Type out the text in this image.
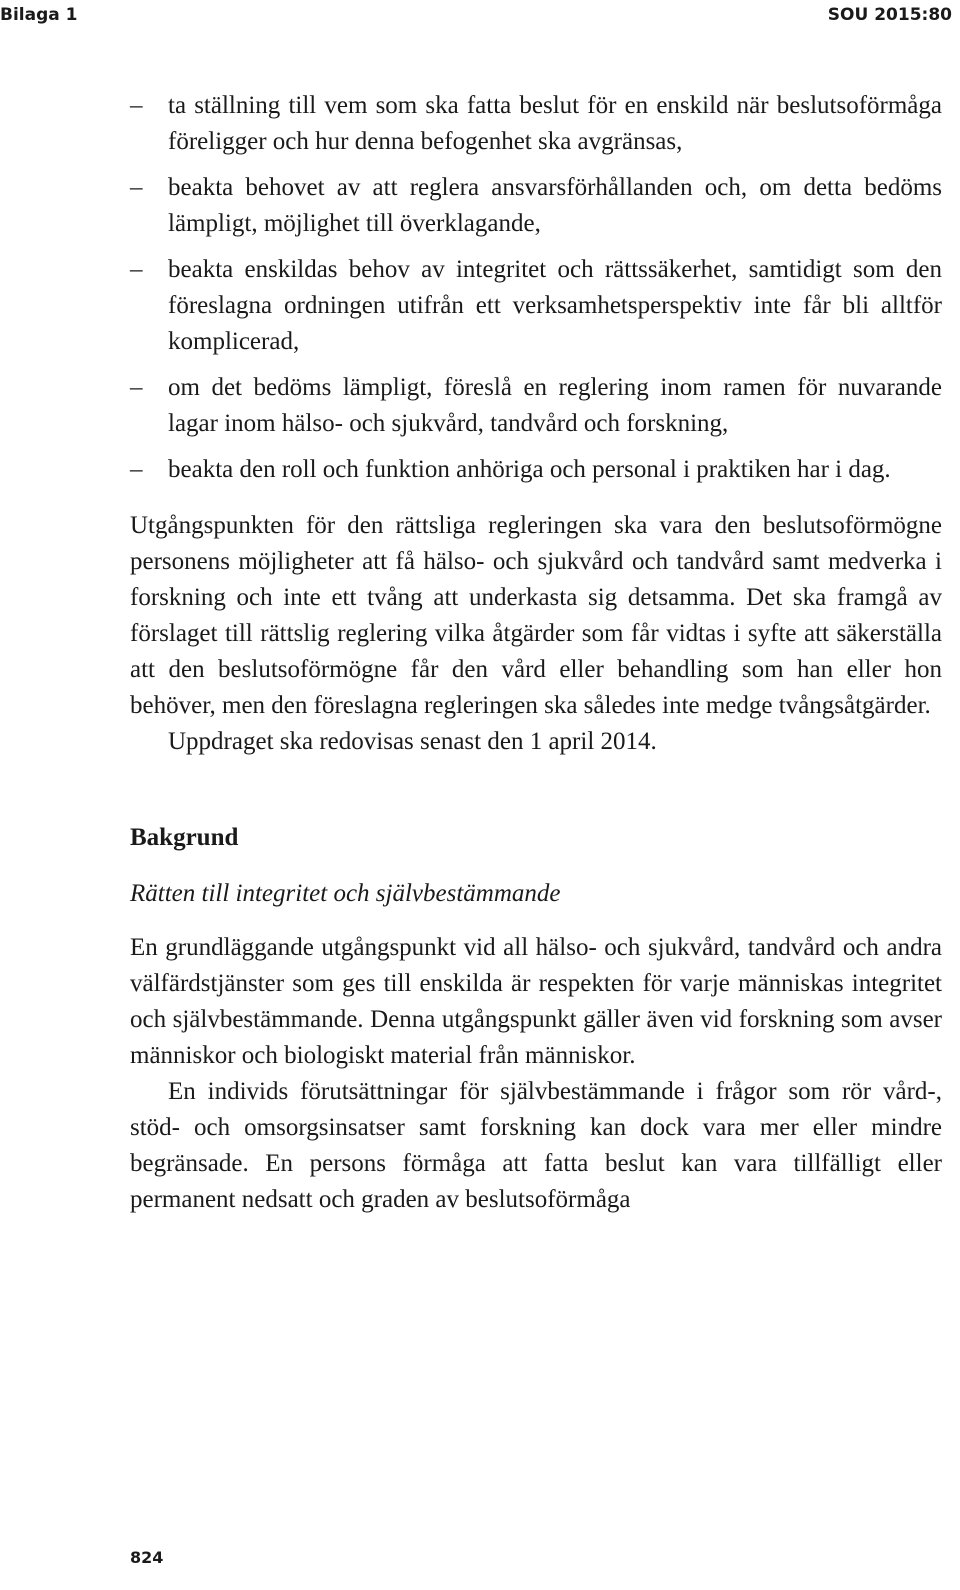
Bilaga 1	SOU 2015:80
–	ta ställning till vem som ska fatta beslut för en enskild när beslutsoförmåga föreligger och hur denna befogenhet ska avgränsas,
–	beakta behovet av att reglera ansvarsförhållanden och, om detta bedöms lämpligt, möjlighet till överklagande,
–	beakta enskildas behov av integritet och rättssäkerhet, samtidigt som den föreslagna ordningen utifrån ett verksamhetsperspektiv inte får bli alltför komplicerad,
–	om det bedöms lämpligt, föreslå en reglering inom ramen för nuvarande lagar inom hälso- och sjukvård, tandvård och forskning,
–	beakta den roll och funktion anhöriga och personal i praktiken har i dag.

Utgångspunkten för den rättsliga regleringen ska vara den beslutsoförmögne personens möjligheter att få hälso- och sjukvård och tandvård samt medverka i forskning och inte ett tvång att underkasta sig detsamma. Det ska framgå av förslaget till rättslig reglering vilka åtgärder som får vidtas i syfte att säkerställa att den beslutsoförmögne får den vård eller behandling som han eller hon behöver, men den föreslagna regleringen ska således inte medge tvångsåtgärder.

Uppdraget ska redovisas senast den 1 april 2014.

Bakgrund

Rätten till integritet och självbestämmande

En grundläggande utgångspunkt vid all hälso- och sjukvård, tandvård och andra välfärdstjänster som ges till enskilda är respekten för varje människas integritet och självbestämmande. Denna utgångspunkt gäller även vid forskning som avser människor och biologiskt material från människor.

En individs förutsättningar för självbestämmande i frågor som rör vård-, stöd- och omsorgsinsatser samt forskning kan dock vara mer eller mindre begränsade. En persons förmåga att fatta beslut kan vara tillfälligt eller permanent nedsatt och graden av beslutsoförmåga

824
